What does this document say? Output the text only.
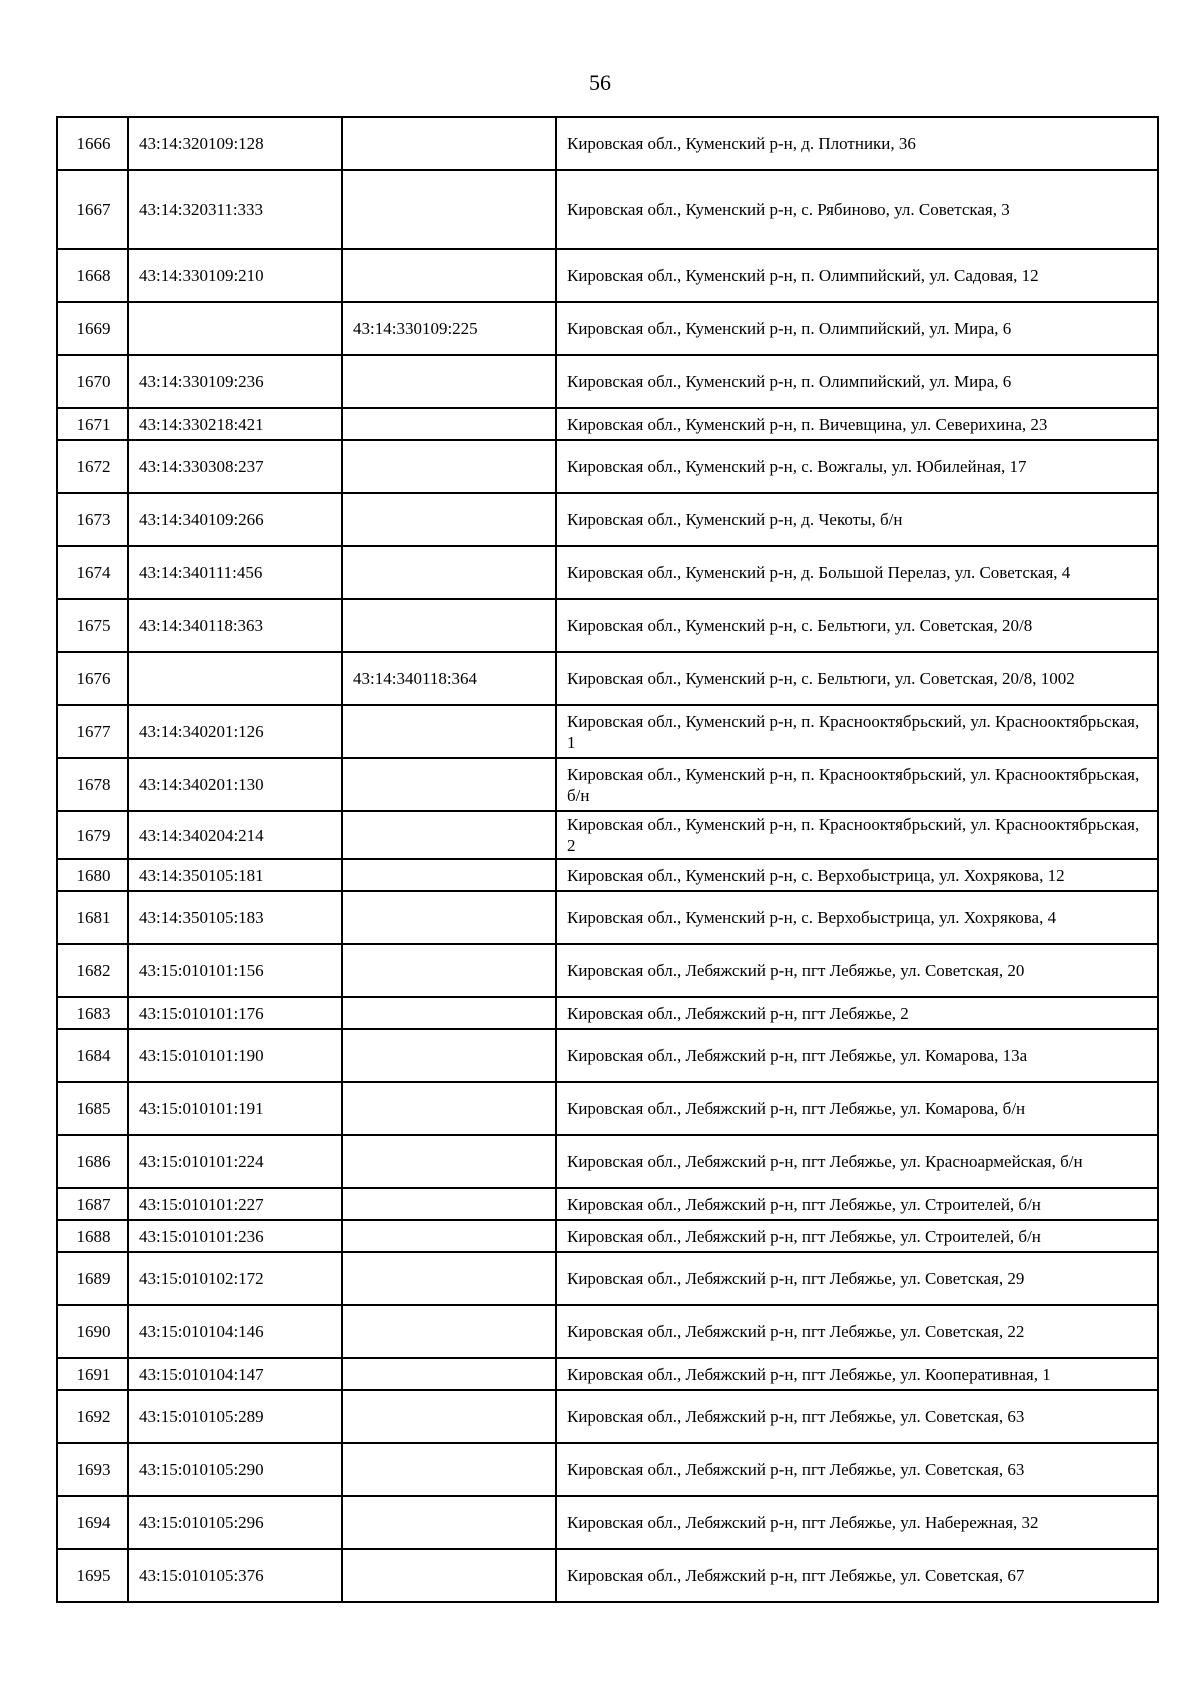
56
1666	43:14:320109:128		Кировская обл., Куменский р-н, д. Плотники, 36
1667	43:14:320311:333		Кировская обл., Куменский р-н, с. Рябиново, ул. Советская, 3
1668	43:14:330109:210		Кировская обл., Куменский р-н, п. Олимпийский, ул. Садовая, 12
1669		43:14:330109:225	Кировская обл., Куменский р-н, п. Олимпийский, ул. Мира, 6
1670	43:14:330109:236		Кировская обл., Куменский р-н, п. Олимпийский, ул. Мира, 6
1671	43:14:330218:421		Кировская обл., Куменский р-н, п. Вичевщина, ул. Северихина, 23
1672	43:14:330308:237		Кировская обл., Куменский р-н, с. Вожгалы, ул. Юбилейная, 17
1673	43:14:340109:266		Кировская обл., Куменский р-н, д. Чекоты, б/н
1674	43:14:340111:456		Кировская обл., Куменский р-н, д. Большой Перелаз, ул. Советская, 4
1675	43:14:340118:363		Кировская обл., Куменский р-н, с. Бельтюги, ул. Советская, 20/8
1676		43:14:340118:364	Кировская обл., Куменский р-н, с. Бельтюги, ул. Советская, 20/8, 1002
1677	43:14:340201:126		Кировская обл., Куменский р-н, п. Краснооктябрьский, ул. Краснооктябрьская, 1
1678	43:14:340201:130		Кировская обл., Куменский р-н, п. Краснооктябрьский, ул. Краснооктябрьская, б/н
1679	43:14:340204:214		Кировская обл., Куменский р-н, п. Краснооктябрьский, ул. Краснооктябрьская, 2
1680	43:14:350105:181		Кировская обл., Куменский р-н, с. Верхобыстрица, ул. Хохрякова, 12
1681	43:14:350105:183		Кировская обл., Куменский р-н, с. Верхобыстрица, ул. Хохрякова, 4
1682	43:15:010101:156		Кировская обл., Лебяжский р-н, пгт Лебяжье, ул. Советская, 20
1683	43:15:010101:176		Кировская обл., Лебяжский р-н, пгт Лебяжье, 2
1684	43:15:010101:190		Кировская обл., Лебяжский р-н, пгт Лебяжье, ул. Комарова, 13а
1685	43:15:010101:191		Кировская обл., Лебяжский р-н, пгт Лебяжье, ул. Комарова, б/н
1686	43:15:010101:224		Кировская обл., Лебяжский р-н, пгт Лебяжье, ул. Красноармейская, б/н
1687	43:15:010101:227		Кировская обл., Лебяжский р-н, пгт Лебяжье, ул. Строителей, б/н
1688	43:15:010101:236		Кировская обл., Лебяжский р-н, пгт Лебяжье, ул. Строителей, б/н
1689	43:15:010102:172		Кировская обл., Лебяжский р-н, пгт Лебяжье, ул. Советская, 29
1690	43:15:010104:146		Кировская обл., Лебяжский р-н, пгт Лебяжье, ул. Советская, 22
1691	43:15:010104:147		Кировская обл., Лебяжский р-н, пгт Лебяжье, ул. Кооперативная, 1
1692	43:15:010105:289		Кировская обл., Лебяжский р-н, пгт Лебяжье, ул. Советская, 63
1693	43:15:010105:290		Кировская обл., Лебяжский р-н, пгт Лебяжье, ул. Советская, 63
1694	43:15:010105:296		Кировская обл., Лебяжский р-н, пгт Лебяжье, ул. Набережная, 32
1695	43:15:010105:376		Кировская обл., Лебяжский р-н, пгт Лебяжье, ул. Советская, 67
